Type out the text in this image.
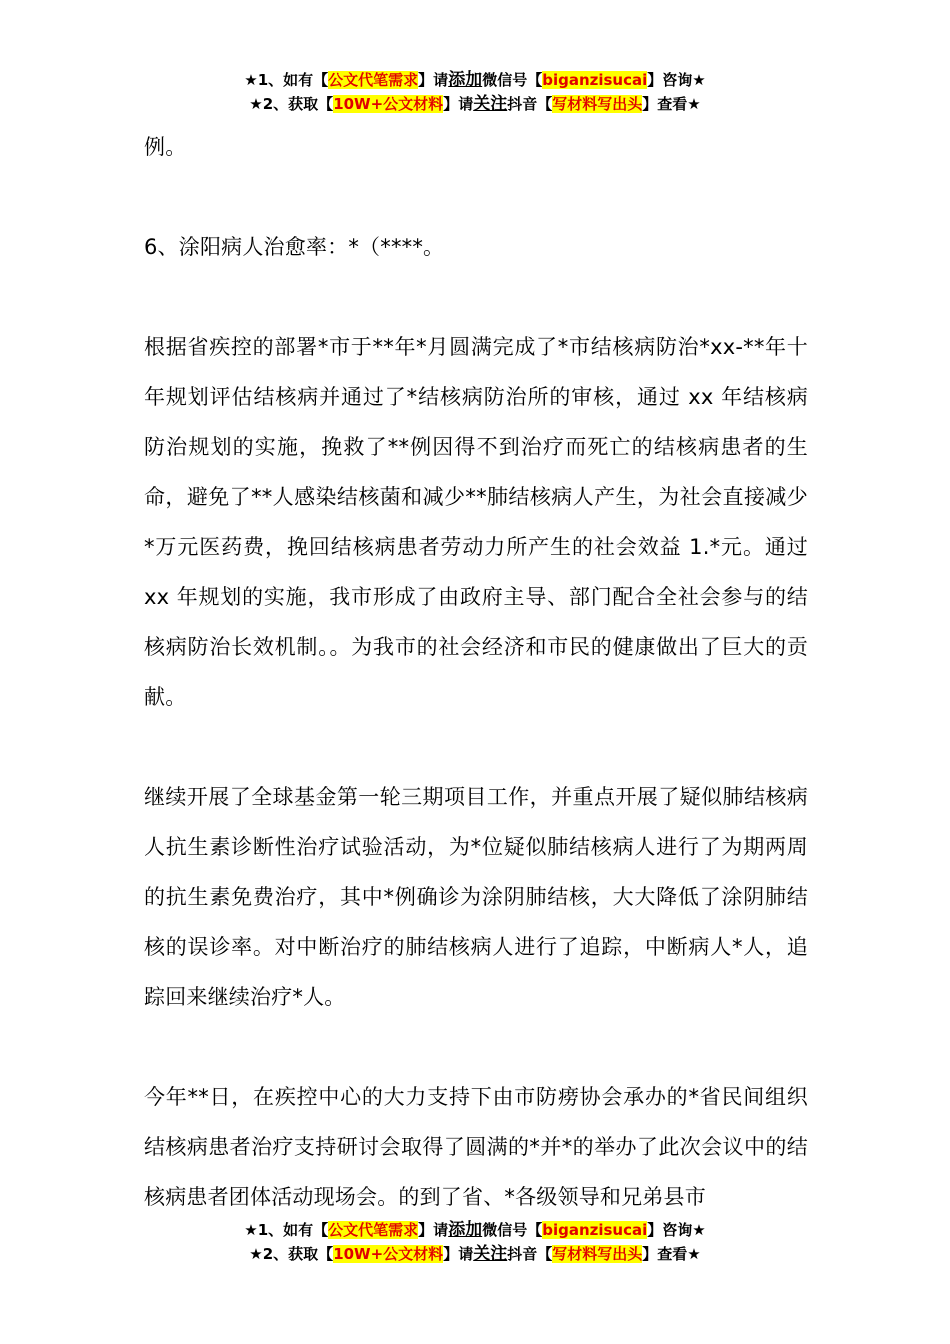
★1、如有【公文代笔需求】请添加微信号【biganzisucai】咨询★
★2、获取【10W+公文材料】请关注抖音【写材料写出头】查看★

例。

6、涂阳病人治愈率：*（****。

根据省疾控的部署*市于**年*月圆满完成了*市结核病防治*xx-**年十年规划评估结核病并通过了*结核病防治所的审核，通过 xx 年结核病防治规划的实施，挽救了**例因得不到治疗而死亡的结核病患者的生命，避免了**人感染结核菌和减少**肺结核病人产生，为社会直接减少*万元医药费，挽回结核病患者劳动力所产生的社会效益 1.*元。通过 xx 年规划的实施，我市形成了由政府主导、部门配合全社会参与的结核病防治长效机制。。为我市的社会经济和市民的健康做出了巨大的贡献。

继续开展了全球基金第一轮三期项目工作，并重点开展了疑似肺结核病人抗生素诊断性治疗试验活动，为*位疑似肺结核病人进行了为期两周的抗生素免费治疗，其中*例确诊为涂阴肺结核，大大降低了涂阴肺结核的误诊率。对中断治疗的肺结核病人进行了追踪，中断病人*人，追踪回来继续治疗*人。

今年**日，在疾控中心的大力支持下由市防痨协会承办的*省民间组织结核病患者治疗支持研讨会取得了圆满的*并*的举办了此次会议中的结核病患者团体活动现场会。的到了省、*各级领导和兄弟县市

★1、如有【公文代笔需求】请添加微信号【biganzisucai】咨询★
★2、获取【10W+公文材料】请关注抖音【写材料写出头】查看★
